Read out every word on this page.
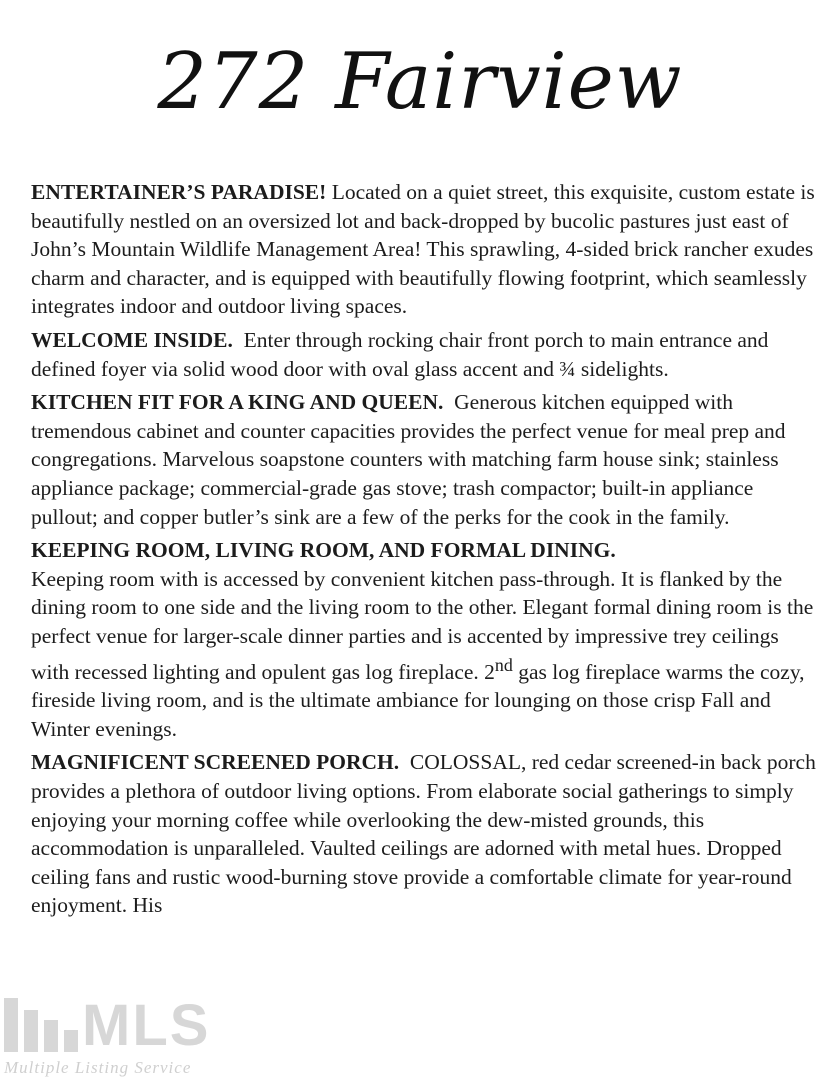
272 Fairview

ENTERTAINER’S PARADISE! Located on a quiet street, this exquisite, custom estate is beautifully nestled on an oversized lot and back-dropped by bucolic pastures just east of John’s Mountain Wildlife Management Area! This sprawling, 4-sided brick rancher exudes charm and character, and is equipped with beautifully flowing footprint, which seamlessly integrates indoor and outdoor living spaces.

WELCOME INSIDE. Enter through rocking chair front porch to main entrance and defined foyer via solid wood door with oval glass accent and ¾ sidelights.

KITCHEN FIT FOR A KING AND QUEEN. Generous kitchen equipped with tremendous cabinet and counter capacities provides the perfect venue for meal prep and congregations. Marvelous soapstone counters with matching farm house sink; stainless appliance package; commercial-grade gas stove; trash compactor; built-in appliance pullout; and copper butler’s sink are a few of the perks for the cook in the family.

KEEPING ROOM, LIVING ROOM, AND FORMAL DINING.
Keeping room with is accessed by convenient kitchen pass-through. It is flanked by the dining room to one side and the living room to the other. Elegant formal dining room is the perfect venue for larger-scale dinner parties and is accented by impressive trey ceilings with recessed lighting and opulent gas log fireplace. 2nd gas log fireplace warms the cozy, fireside living room, and is the ultimate ambiance for lounging on those crisp Fall and Winter evenings.

MAGNIFICENT SCREENED PORCH. COLOSSAL, red cedar screened-in back porch provides a plethora of outdoor living options. From elaborate social gatherings to simply enjoying your morning coffee while overlooking the dew-misted grounds, this accommodation is unparalleled. Vaulted ceilings are adorned with metal hues. Dropped ceiling fans and rustic wood-burning stove provide a comfortable climate for year-round enjoyment. His

MLS
Multiple Listing Service
